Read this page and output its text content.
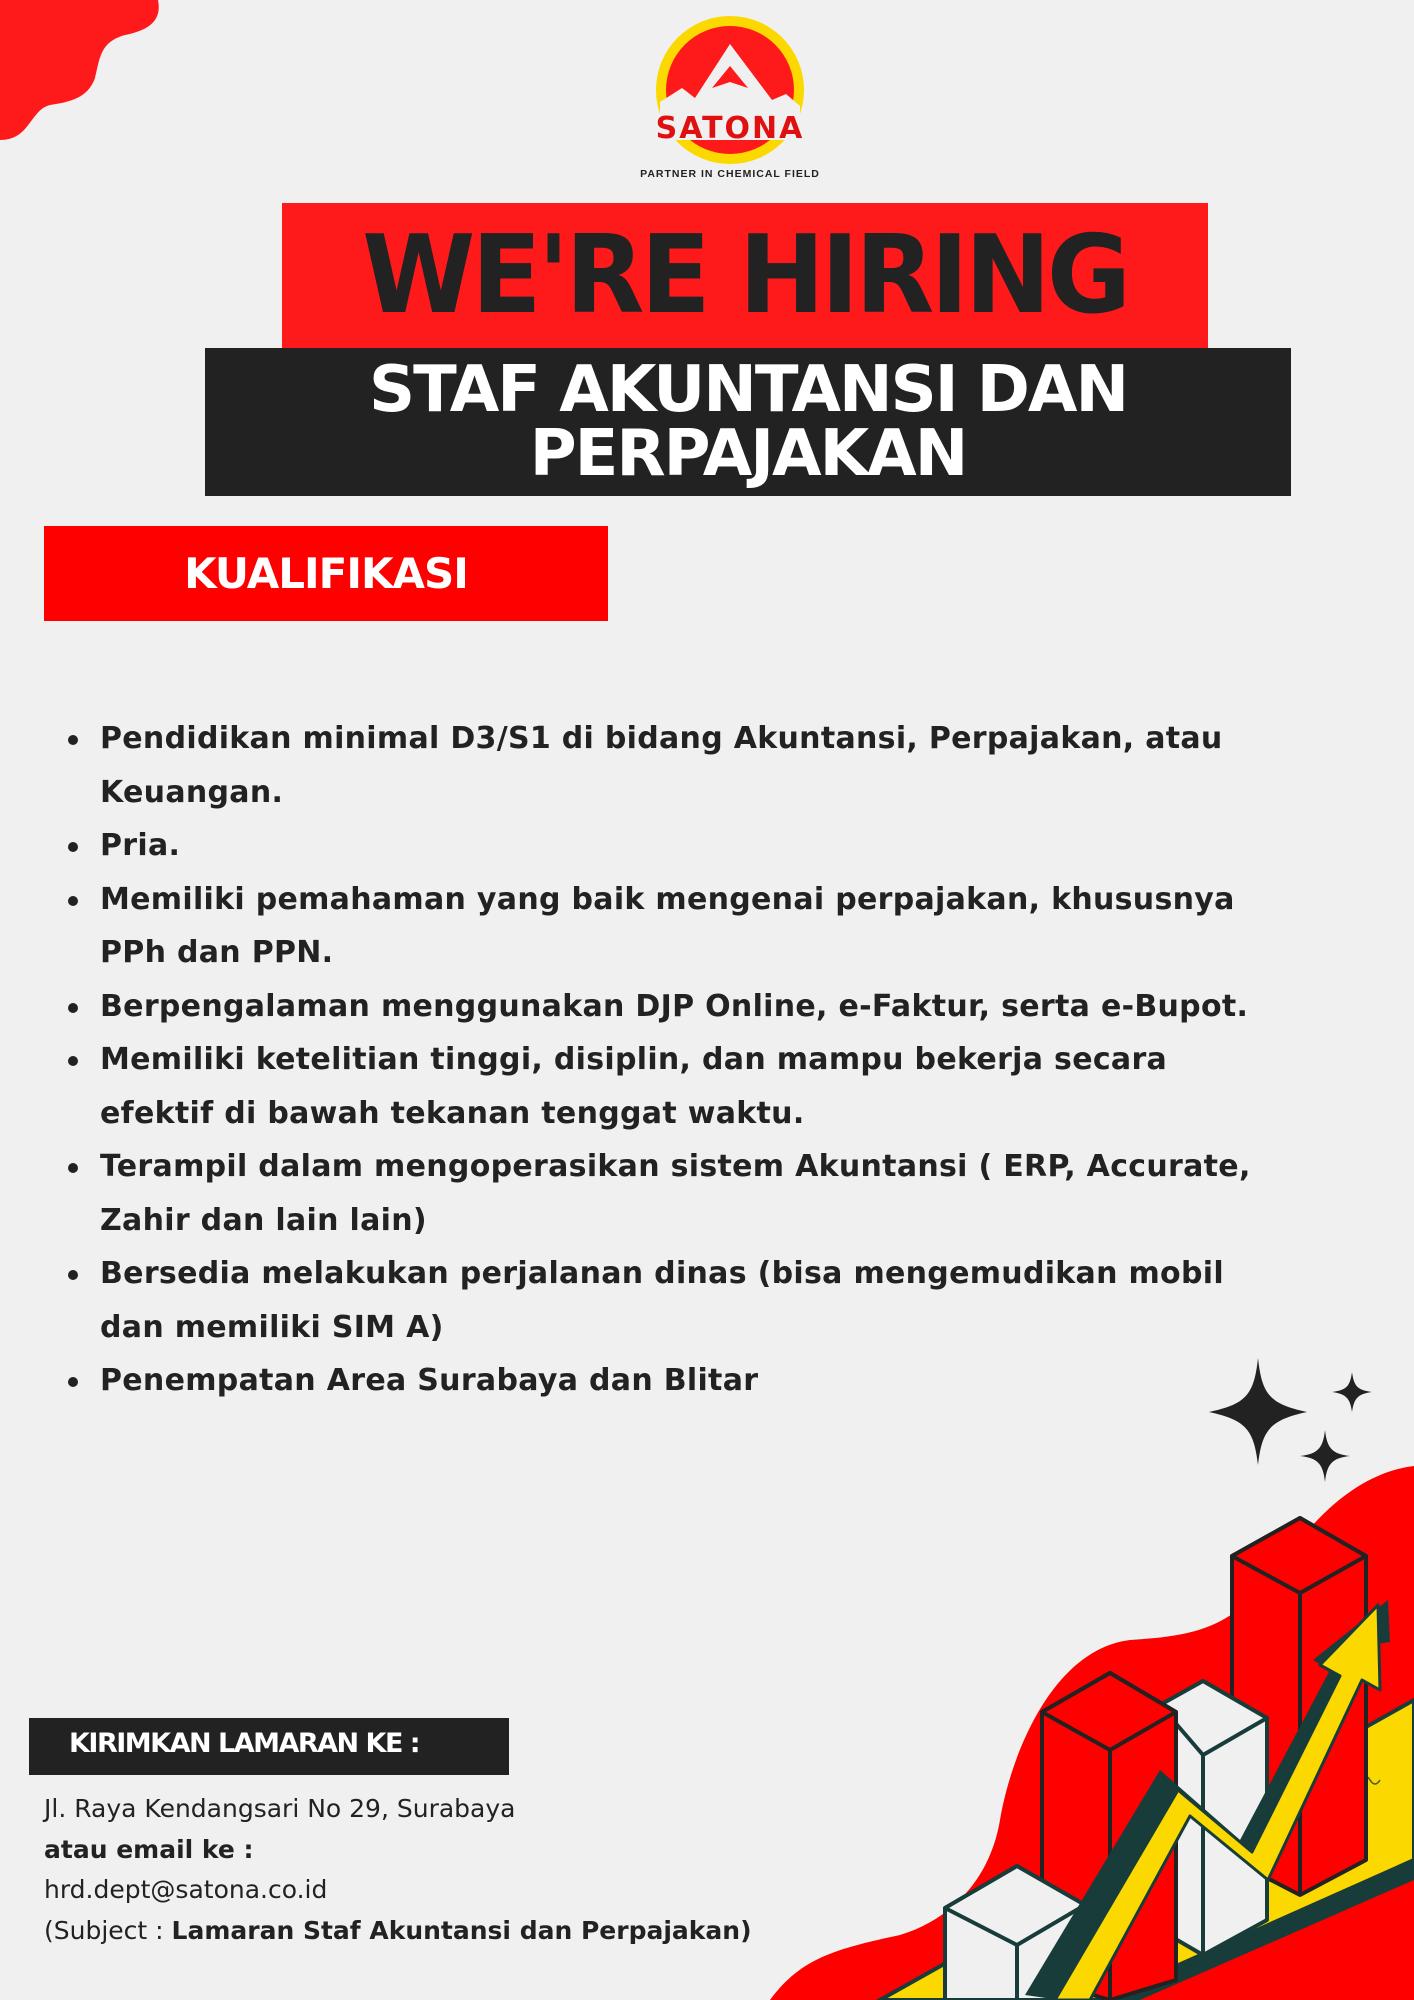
SATONA
PARTNER IN CHEMICAL FIELD
WE'RE HIRING
STAF AKUNTANSI DAN
PERPAJAKAN
KUALIFIKASI
Pendidikan minimal D3/S1 di bidang Akuntansi, Perpajakan, atau
Keuangan.
Pria.
Memiliki pemahaman yang baik mengenai perpajakan, khususnya
PPh dan PPN.
Berpengalaman menggunakan DJP Online, e-Faktur, serta e-Bupot.
Memiliki ketelitian tinggi, disiplin, dan mampu bekerja secara
efektif di bawah tekanan tenggat waktu.
Terampil dalam mengoperasikan sistem Akuntansi ( ERP, Accurate,
Zahir dan lain lain)
Bersedia melakukan perjalanan dinas (bisa mengemudikan mobil
dan memiliki SIM A)
Penempatan Area Surabaya dan Blitar
KIRIMKAN LAMARAN KE :
Jl. Raya Kendangsari No 29, Surabaya
atau email ke :
hrd.dept@satona.co.id
(Subject : Lamaran Staf Akuntansi dan Perpajakan)
